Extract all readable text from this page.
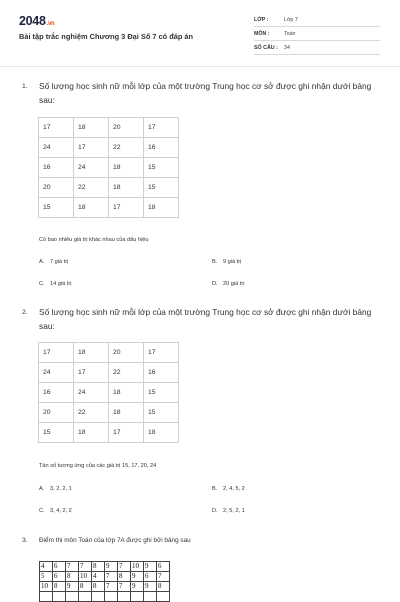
2048.vn
Bài tập trắc nghiệm Chương 3 Đại Số 7 có đáp án
LỚP :	Lớp 7
MÔN :	Toán
SỐ CÂU : 34
1. Số lượng học sinh nữ mỗi lớp của một trường Trung học cơ sở được ghi nhận dưới bảng sau:
17	18	20	17
24	17	22	16
16	24	18	15
20	22	18	15
15	18	17	18
Có bao nhiêu giá trị khác nhau của dấu hiệu
A. 7 giá trị	B. 9 giá trị
C. 14 giá trị	D. 20 giá trị
2. Số lượng học sinh nữ mỗi lớp của một trường Trung học cơ sở được ghi nhận dưới bảng sau:
17	18	20	17
24	17	22	16
16	24	18	15
20	22	18	15
15	18	17	18
Tần số tương ứng của các giá trị 15, 17, 20, 24
A. 3, 2, 2, 1	B. 2, 4, 5, 2
C. 3, 4, 2, 2	D. 2, 5, 2, 1
3. Điểm thi môn Toán của lớp 7A được ghi bởi bảng sau
4	6	7	7	8	9	7	10	9	6
5	6	8	10	4	7	8	9	6	7
10	8	9	8	8	7	7	9	9	8
